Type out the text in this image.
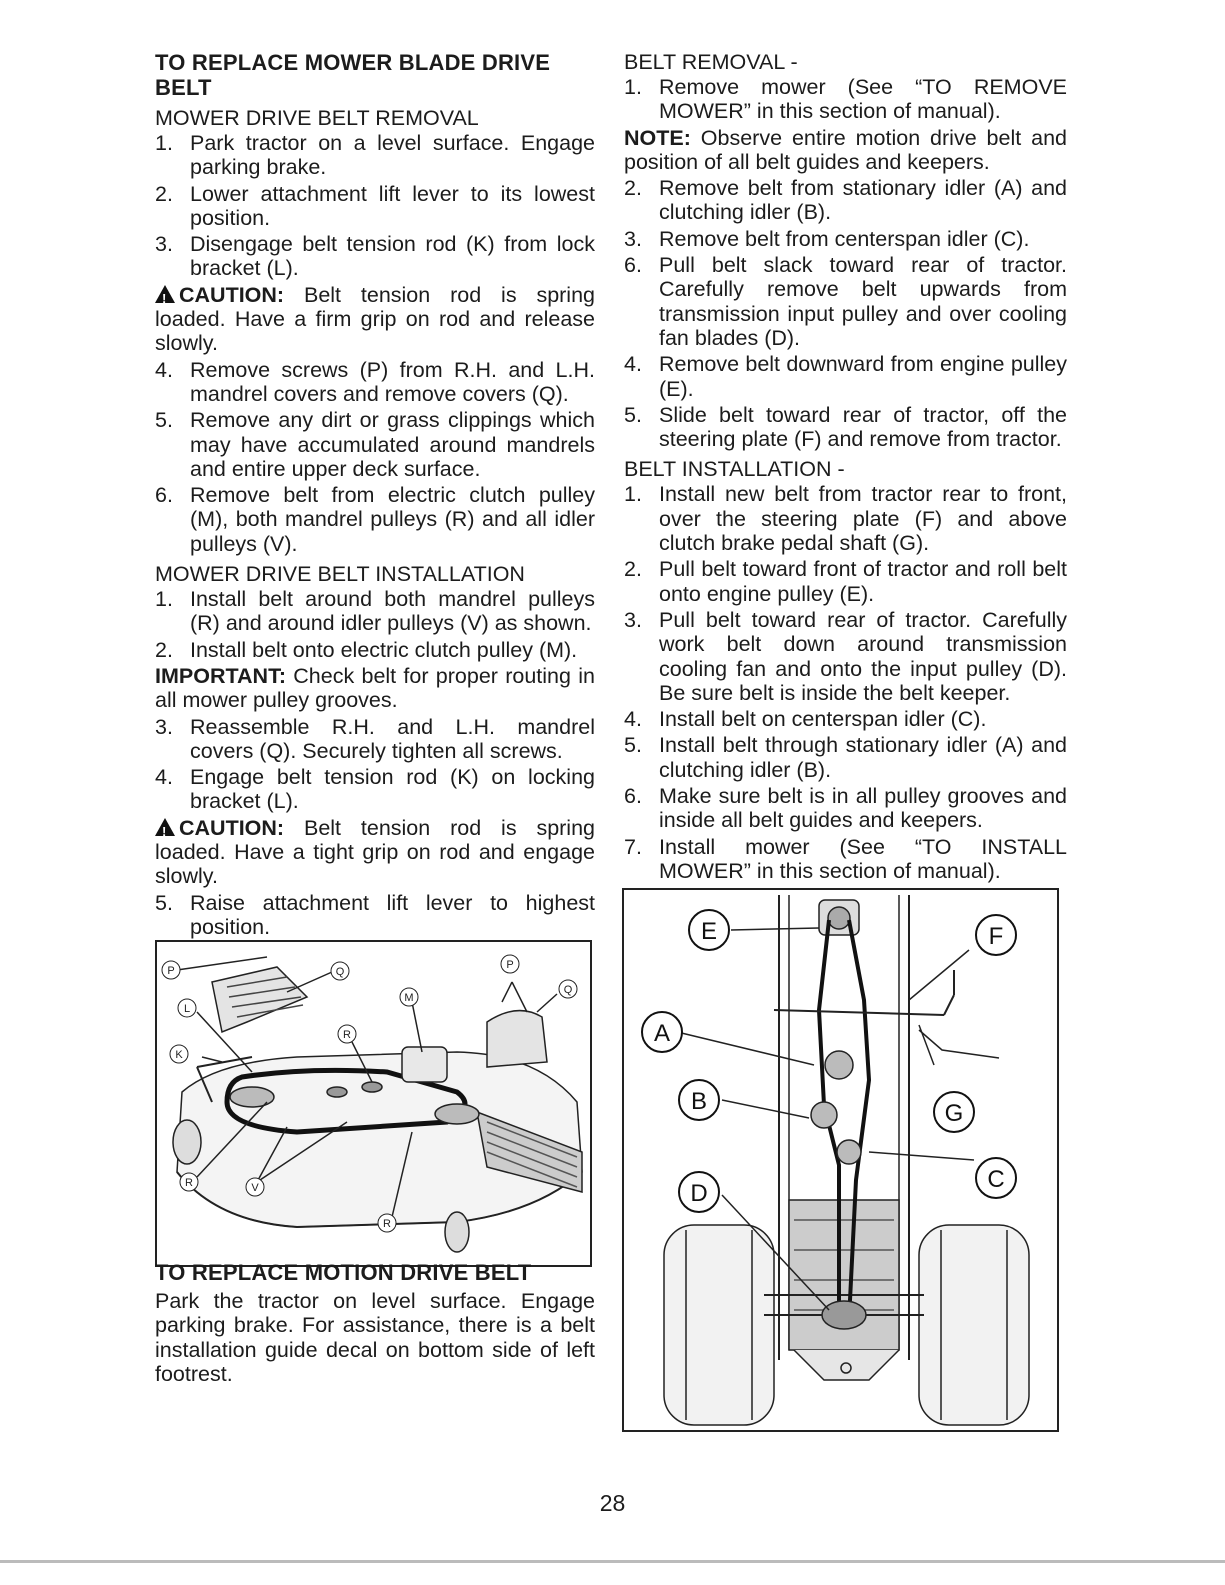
TO REPLACE MOWER BLADE DRIVE BELT
MOWER DRIVE BELT REMOVAL
1. Park tractor on a level surface. Engage parking brake.
2. Lower attachment lift lever to its lowest position.
3. Disengage belt tension rod (K) from lock bracket (L).

!CAUTION: Belt tension rod is spring loaded. Have a firm grip on rod and release slowly.

4. Remove screws (P) from R.H. and L.H. mandrel covers and remove covers (Q).
5. Remove any dirt or grass clippings which may have accumulated around mandrels and entire upper deck surface.
6. Remove belt from electric clutch pulley (M), both mandrel pulleys (R) and all idler pulleys (V).
MOWER DRIVE BELT INSTALLATION
1. Install belt around both mandrel pulleys (R) and around idler pulleys (V) as shown.
2. Install belt onto electric clutch pulley (M).

IMPORTANT: Check belt for proper routing in all mower pulley grooves.

3. Reassemble R.H. and L.H. mandrel covers (Q). Securely tighten all screws.
4. Engage belt tension rod (K) on locking bracket (L).

!CAUTION: Belt tension rod is spring loaded. Have a tight grip on rod and engage slowly.

5. Raise attachment lift lever to highest position.
P	Q
P
Q
L
K
M
R
R	V
R
TO REPLACE MOTION DRIVE BELT

Park the tractor on level surface. Engage parking brake. For assistance, there is a belt installation guide decal on bottom side of left footrest.

BELT REMOVAL -
1. Remove mower (See “TO REMOVE MOWER” in this section of manual).

NOTE: Observe entire motion drive belt and position of all belt guides and keepers.

2. Remove belt from stationary idler (A) and clutching idler (B).
3. Remove belt from centerspan idler (C).
6. Pull belt slack toward rear of tractor. Carefully remove belt upwards from transmission input pulley and over cooling fan blades (D).
4. Remove belt downward from engine pulley (E).
5. Slide belt toward rear of tractor, off the steering plate (F) and remove from tractor.
BELT INSTALLATION -
1. Install new belt from tractor rear to front, over the steering plate (F) and above clutch brake pedal shaft (G).
2. Pull belt toward front of tractor and roll belt onto engine pulley (E).
3. Pull belt toward rear of tractor. Carefully work belt down around transmission cooling fan and onto the input pulley (D). Be sure belt is inside the belt keeper.
4. Install belt on centerspan idler (C).
5. Install belt through stationary idler (A) and clutching idler (B).
6. Make sure belt is in all pulley grooves and inside all belt guides and keepers.
7. Install mower (See “TO INSTALL MOWER” in this section of manual).
E	F
A
B	G
C
D
28
